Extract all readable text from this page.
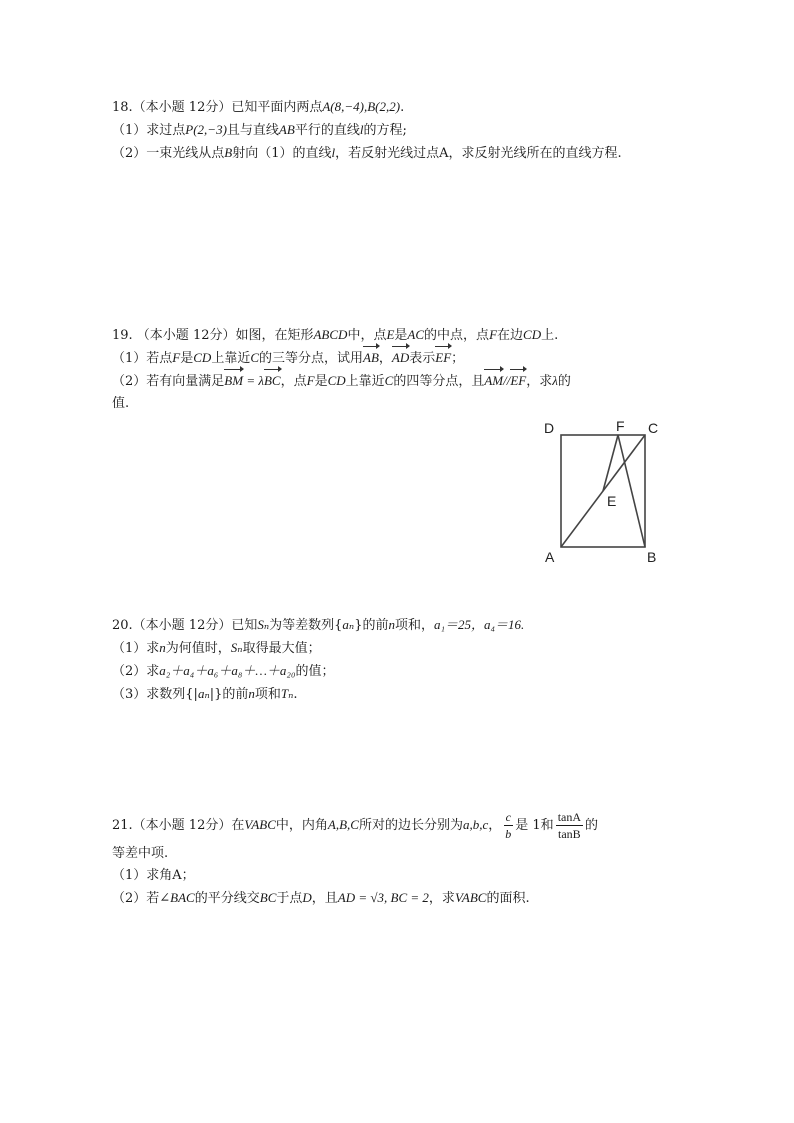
18.（本小题 12分）已知平面内两点A(8,−4),B(2,2).
（1）求过点P(2,−3)且与直线AB平行的直线l的方程;
（2）一束光线从点B射向（1）的直线l，若反射光线过点A，求反射光线所在的直线方程.
19. （本小题 12分）如图，在矩形ABCD中，点E是AC的中点，点F在边CD上.
（1）若点F是CD上靠近C的三等分点，试用AB，AD表示EF；
（2）若有向量满足BM = λBC，点F是CD上靠近C的四等分点，且AM//EF，求λ的
值.
D	F C
E
A	B
20.（本小题 12分）已知Sₙ为等差数列{aₙ}的前n项和，a₁＝25，a₄＝16.
（1）求n为何值时，Sₙ取得最大值；
（2）求a₂＋a₄＋a₆＋a₈＋…＋a₂₀的值；
（3）求数列{|aₙ|}的前n项和Tₙ.
21.（本小题 12分）在VABC中，内角A,B,C所对的边长分别为a,b,c， $\frac{c}{b}$ 是 1和 $\frac{\tan A}{\tan B}$ 的
等差中项.
（1）求角A；
（2）若∠BAC的平分线交BC于点D，且AD = √3, BC = 2，求VABC的面积.
